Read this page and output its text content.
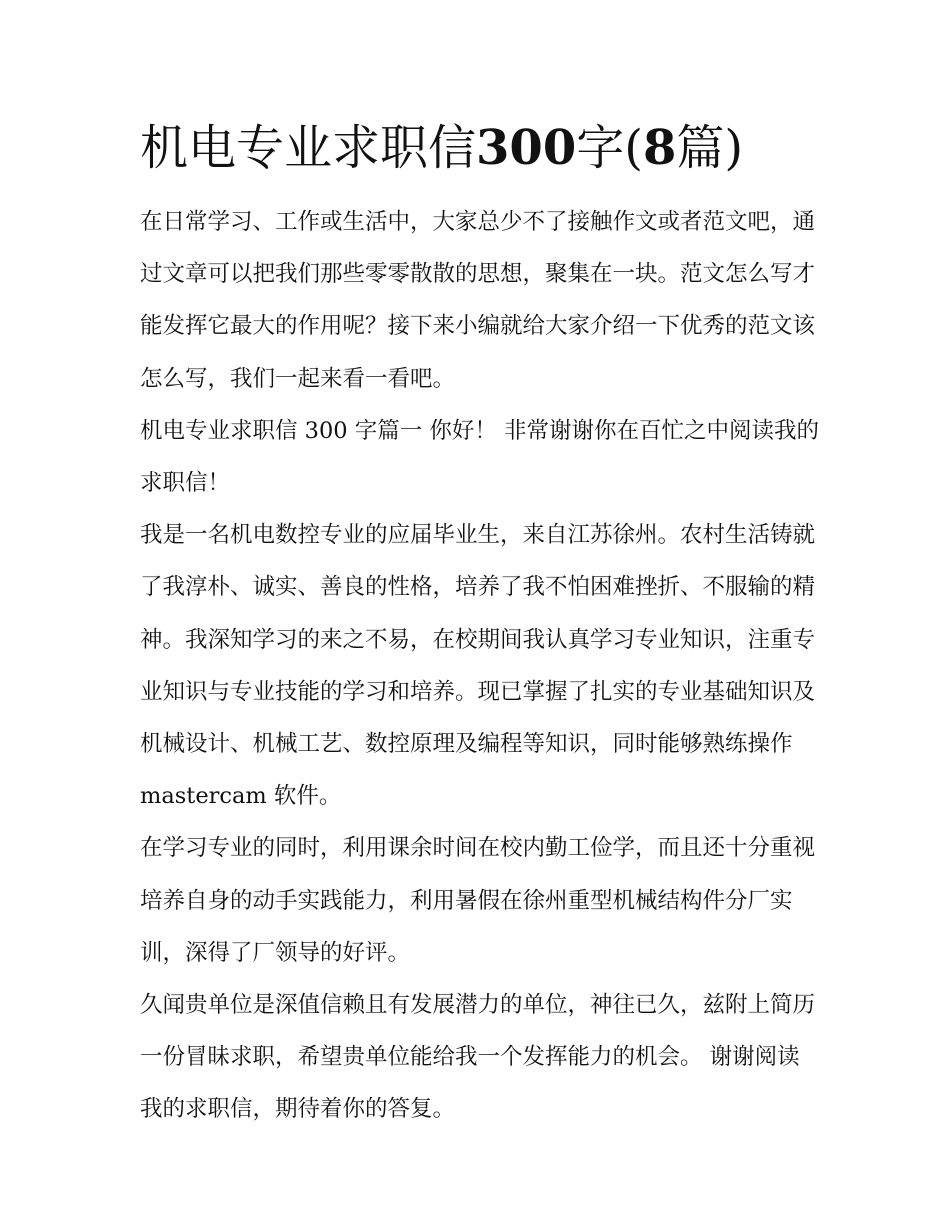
机电专业求职信300字(8篇)

在日常学习、工作或生活中，大家总少不了接触作文或者范文吧，通过文章可以把我们那些零零散散的思想，聚集在一块。范文怎么写才能发挥它最大的作用呢？接下来小编就给大家介绍一下优秀的范文该怎么写，我们一起来看一看吧。

机电专业求职信 300 字篇一 你好！ 非常谢谢你在百忙之中阅读我的求职信！

我是一名机电数控专业的应届毕业生，来自江苏徐州。农村生活铸就了我淳朴、诚实、善良的性格，培养了我不怕困难挫折、不服输的精神。我深知学习的来之不易，在校期间我认真学习专业知识，注重专业知识与专业技能的学习和培养。现已掌握了扎实的专业基础知识及机械设计、机械工艺、数控原理及编程等知识，同时能够熟练操作 mastercam 软件。

在学习专业的同时，利用课余时间在校内勤工俭学，而且还十分重视培养自身的动手实践能力，利用暑假在徐州重型机械结构件分厂实训，深得了厂领导的好评。

久闻贵单位是深值信赖且有发展潜力的单位，神往已久，兹附上简历一份冒昧求职，希望贵单位能给我一个发挥能力的机会。 谢谢阅读我的求职信，期待着你的答复。
